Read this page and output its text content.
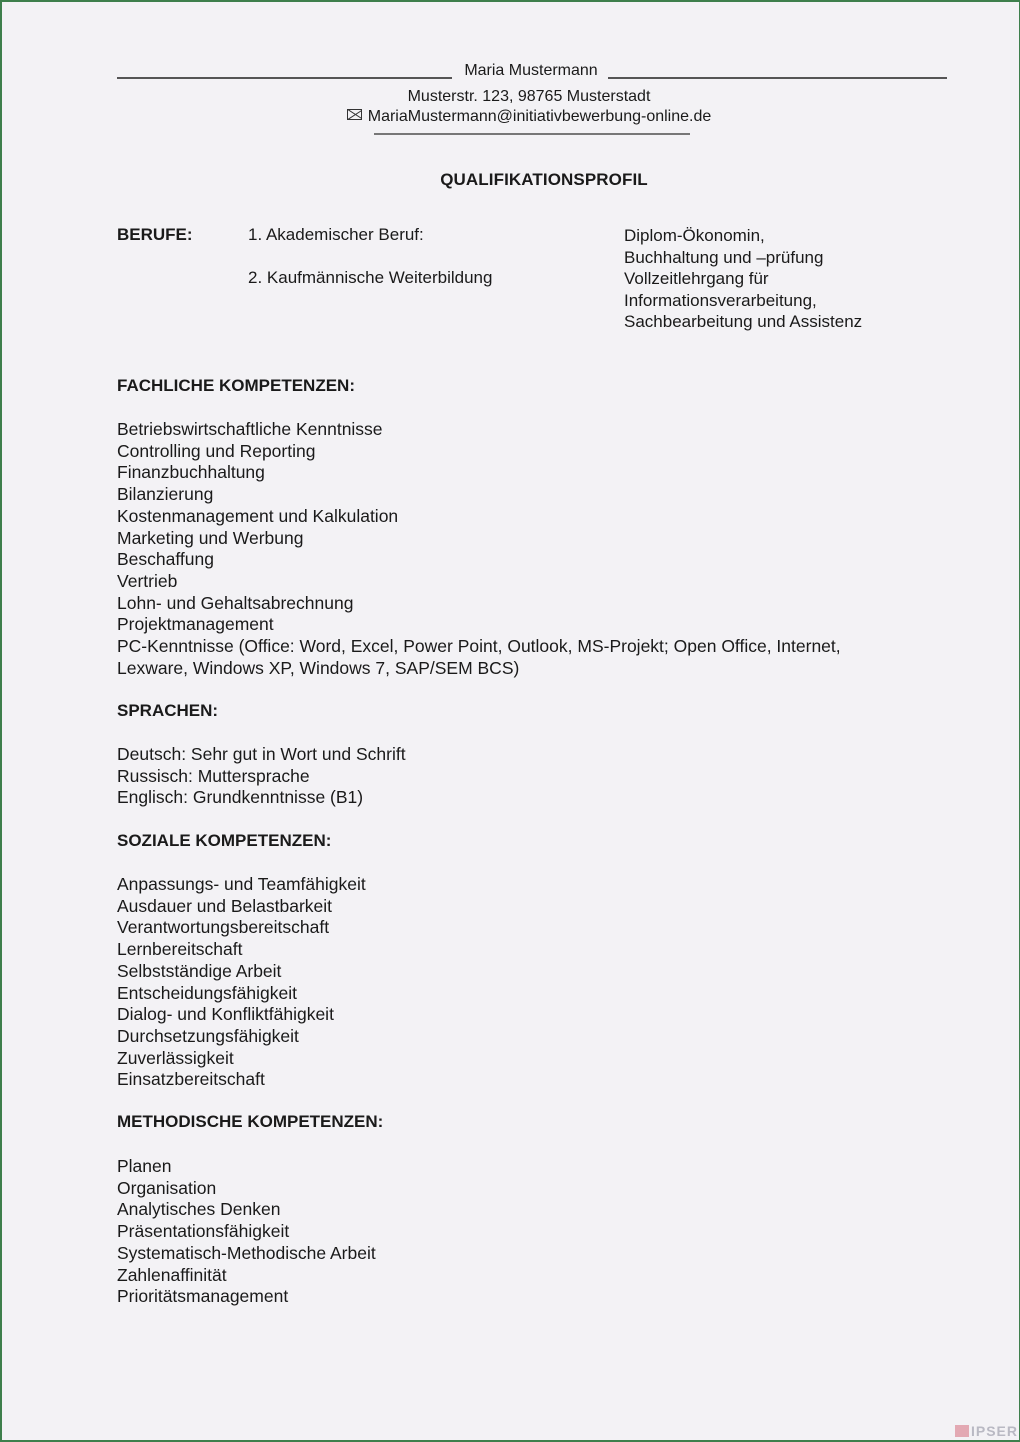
Maria Mustermann
Musterstr. 123, 98765 Musterstadt
MariaMustermann@initiativbewerbung-online.de
QUALIFIKATIONSPROFIL
BERUFE:	1. Akademischer Beruf:
2. Kaufmännische Weiterbildung
Diplom-Ökonomin,
Buchhaltung und –prüfung
Vollzeitlehrgang für
Informationsverarbeitung,
Sachbearbeitung und Assistenz
FACHLICHE KOMPETENZEN:
Betriebswirtschaftliche Kenntnisse
Controlling und Reporting
Finanzbuchhaltung
Bilanzierung
Kostenmanagement und Kalkulation
Marketing und Werbung
Beschaffung
Vertrieb
Lohn- und Gehaltsabrechnung
Projektmanagement
PC-Kenntnisse (Office: Word, Excel, Power Point, Outlook, MS-Projekt; Open Office, Internet,
Lexware, Windows XP, Windows 7, SAP/SEM BCS)
SPRACHEN:
Deutsch: Sehr gut in Wort und Schrift
Russisch: Muttersprache
Englisch: Grundkenntnisse (B1)
SOZIALE KOMPETENZEN:
Anpassungs- und Teamfähigkeit
Ausdauer und Belastbarkeit
Verantwortungsbereitschaft
Lernbereitschaft
Selbstständige Arbeit
Entscheidungsfähigkeit
Dialog- und Konfliktfähigkeit
Durchsetzungsfähigkeit
Zuverlässigkeit
Einsatzbereitschaft
METHODISCHE KOMPETENZEN:
Planen
Organisation
Analytisches Denken
Präsentationsfähigkeit
Systematisch-Methodische Arbeit
Zahlenaffinität
Prioritätsmanagement
IPSER
